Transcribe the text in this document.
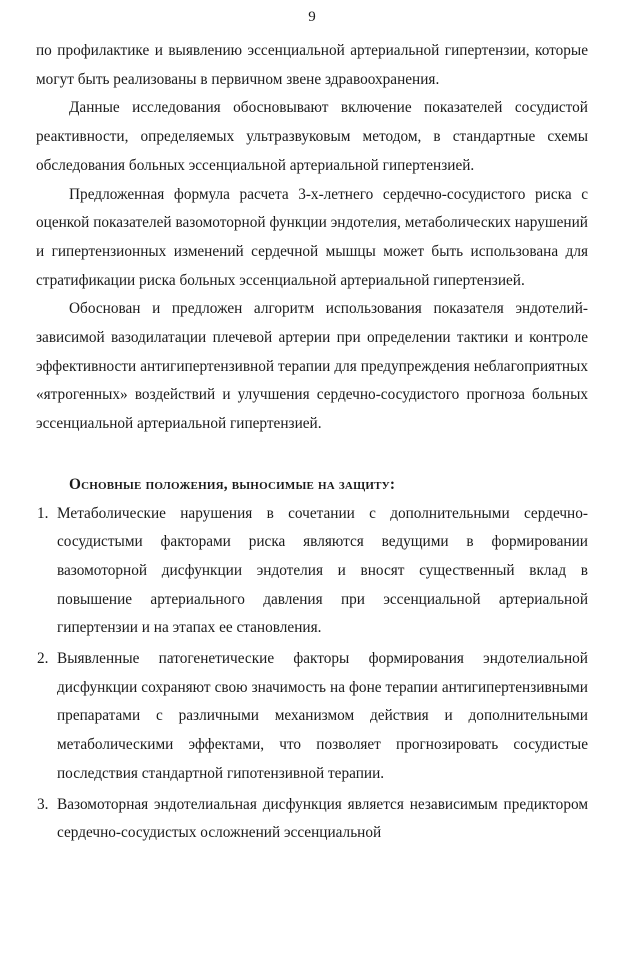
9

по профилактике и выявлению эссенциальной артериальной гипертензии, которые могут быть реализованы в первичном звене здравоохранения.

Данные исследования обосновывают включение показателей сосудистой реактивности, определяемых ультразвуковым методом, в стандартные схемы обследования больных эссенциальной артериальной гипертензией.

Предложенная формула расчета 3-х-летнего сердечно-сосудистого риска с оценкой показателей вазомоторной функции эндотелия, метаболических нарушений и гипертензионных изменений сердечной мышцы может быть использована для стратификации риска больных эссенциальной артериальной гипертензией.

Обоснован и предложен алгоритм использования показателя эндотелий-зависимой вазодилатации плечевой артерии при определении тактики и контроле эффективности антигипертензивной терапии для предупреждения неблагоприятных «ятрогенных» воздействий и улучшения сердечно-сосудистого прогноза больных эссенциальной артериальной гипертензией.

Основные положения, выносимые на защиту:
1. Метаболические нарушения в сочетании с дополнительными сердечно-сосудистыми факторами риска являются ведущими в формировании вазомоторной дисфункции эндотелия и вносят существенный вклад в повышение артериального давления при эссенциальной артериальной гипертензии и на этапах ее становления.

2. Выявленные патогенетические факторы формирования эндотелиальной дисфункции сохраняют свою значимость на фоне терапии антигипертензивными препаратами с различными механизмом действия и дополнительными метаболическими эффектами, что позволяет прогнозировать сосудистые последствия стандартной гипотензивной терапии.

3. Вазомоторная эндотелиальная дисфункция является независимым предиктором сердечно-сосудистых осложнений эссенциальной
